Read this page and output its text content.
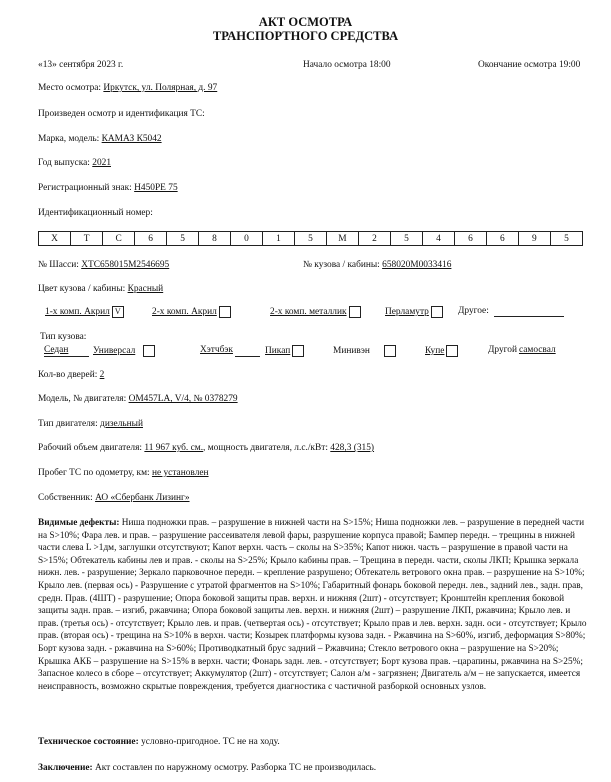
АКТ ОСМОТРА
ТРАНСПОРТНОГО СРЕДСТВА
«13» сентября 2023 г.	Начало осмотра 18:00	Окончание осмотра 19:00
Место осмотра: Иркутск, ул. Полярная, д. 97
Произведен осмотр и идентификация ТС:
Марка, модель: КАМАЗ К5042
Год выпуска: 2021
Регистрационный знак: Н450РЕ 75
Идентификационный номер:
X	T	C	6	5	8	0	1	5	M	2	5	4	6	6	9	5
№ Шасси: XTC658015M2546695	№ кузова / кабины: 658020M0033416
Цвет кузова / кабины: Красный
1-х комп. Акрил V	2-х комп. Акрил	2-х комп. металлик	Перламутр	Другое:
Тип кузова:
Седан	Универсал	Хэтчбэк	Пикап	Минивэн	Купе	Другой самосвал
Кол-во дверей: 2
Модель, № двигателя: OM457LA, V/4, № 0378279
Тип двигателя: дизельный
Рабочий объем двигателя: 11 967 куб. см., мощность двигателя, л.с./кВт: 428,3 (315)
Пробег ТС по одометру, км: не установлен
Собственник: АО «Сбербанк Лизинг»
Видимые дефекты: Ниша подножки прав. – разрушение в нижней части на S>15%; Ниша подножки лев. – разрушение в передней части на S>10%; Фара лев. и прав. – разрушение рассеивателя левой фары, разрушение корпуса правой; Бампер передн. – трещины в нижней части слева L >1дм, заглушки отсутствуют; Капот верхн. часть – сколы на S>35%; Капот нижн. часть – разрушение в правой части на S>15%; Обтекатель кабины лев и прав. - сколы на S>25%; Крыло кабины прав. – Трещина в передн. части, сколы ЛКП; Крышка зеркала нижн. лев. - разрушение; Зеркало парковочное передн. – крепление разрушено; Обтекатель ветрового окна прав. – разрушение на S>10%; Крыло лев. (первая ось) - Разрушение с утратой фрагментов на S>10%; Габаритный фонарь боковой передн. лев., задний лев., задн. прав, средн. Прав. (4ШТ) - разрушение; Опора боковой защиты прав. верхн. и нижняя (2шт) - отсутствует; Кронштейн крепления боковой защиты задн. прав. – изгиб, ржавчина; Опора боковой защиты лев. верхн. и нижняя (2шт) – разрушение ЛКП, ржавчина; Крыло лев. и прав. (третья ось) - отсутствует; Крыло лев. и прав. (четвертая ось) - отсутствует; Крыло прав и лев. верхн. задн. оси - отсутствует; Крыло прав. (вторая ось) - трещина на S>10% в верхн. части; Козырек платформы кузова задн. - Ржавчина на S>60%, изгиб, деформация S>80%; Борт кузова задн. - ржавчина на S>60%; Противодкатный брус задний – Ржавчина; Стекло ветрового окна – разрушение на S>20%; Крышка АКБ – разрушение на S>15% в верхн. части; Фонарь задн. лев. - отсутствует; Борт кузова прав. –царапины, ржавчина на S>25%; Запасное колесо в сборе – отсутствует; Аккумулятор (2шт) - отсутствует; Салон а/м - загрязнен; Двигатель а/м – не запускается, имеется неисправность, возможно скрытые повреждения, требуется диагностика с частичной разборкой основных узлов.
Техническое состояние: условно-пригодное. ТС не на ходу.
Заключение: Акт составлен по наружному осмотру. Разборка ТС не производилась.
